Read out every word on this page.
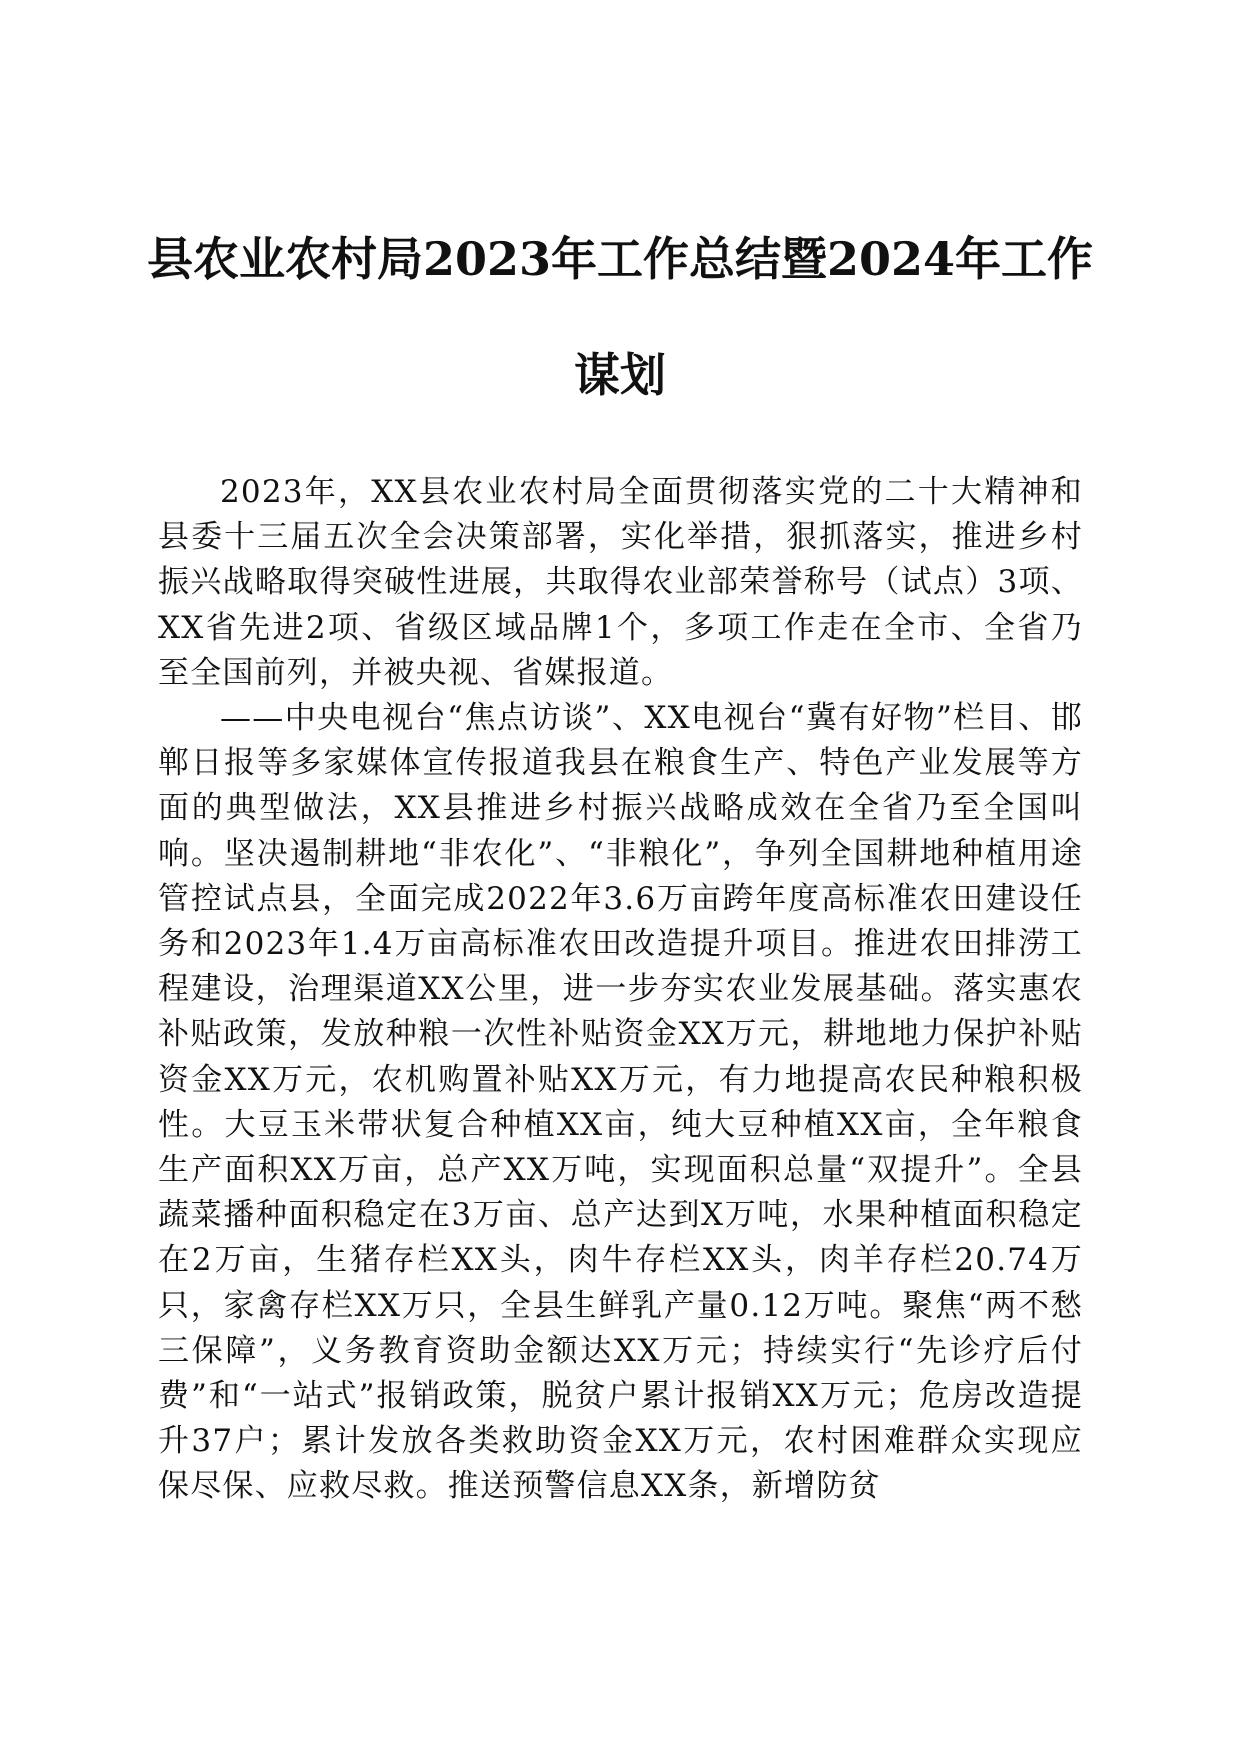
县农业农村局2023年工作总结暨2024年工作
谋划

2023年，XX县农业农村局全面贯彻落实党的二十大精神和县委十三届五次全会决策部署，实化举措，狠抓落实，推进乡村振兴战略取得突破性进展，共取得农业部荣誉称号（试点）3项、XX省先进2项、省级区域品牌1个，多项工作走在全市、全省乃至全国前列，并被央视、省媒报道。

——中央电视台“焦点访谈”、XX电视台“冀有好物”栏目、邯郸日报等多家媒体宣传报道我县在粮食生产、特色产业发展等方面的典型做法，XX县推进乡村振兴战略成效在全省乃至全国叫响。坚决遏制耕地“非农化”、“非粮化”，争列全国耕地种植用途管控试点县，全面完成2022年3.6万亩跨年度高标准农田建设任务和2023年1.4万亩高标准农田改造提升项目。推进农田排涝工程建设，治理渠道XX公里，进一步夯实农业发展基础。落实惠农补贴政策，发放种粮一次性补贴资金XX万元，耕地地力保护补贴资金XX万元，农机购置补贴XX万元，有力地提高农民种粮积极性。大豆玉米带状复合种植XX亩，纯大豆种植XX亩，全年粮食生产面积XX万亩，总产XX万吨，实现面积总量“双提升”。全县蔬菜播种面积稳定在3万亩、总产达到X万吨，水果种植面积稳定在2万亩，生猪存栏XX头，肉牛存栏XX头，肉羊存栏20.74万只，家禽存栏XX万只，全县生鲜乳产量0.12万吨。聚焦“两不愁三保障”，义务教育资助金额达XX万元；持续实行“先诊疗后付费”和“一站式”报销政策，脱贫户累计报销XX万元；危房改造提升37户；累计发放各类救助资金XX万元，农村困难群众实现应保尽保、应救尽救。推送预警信息XX条，新增防贫
